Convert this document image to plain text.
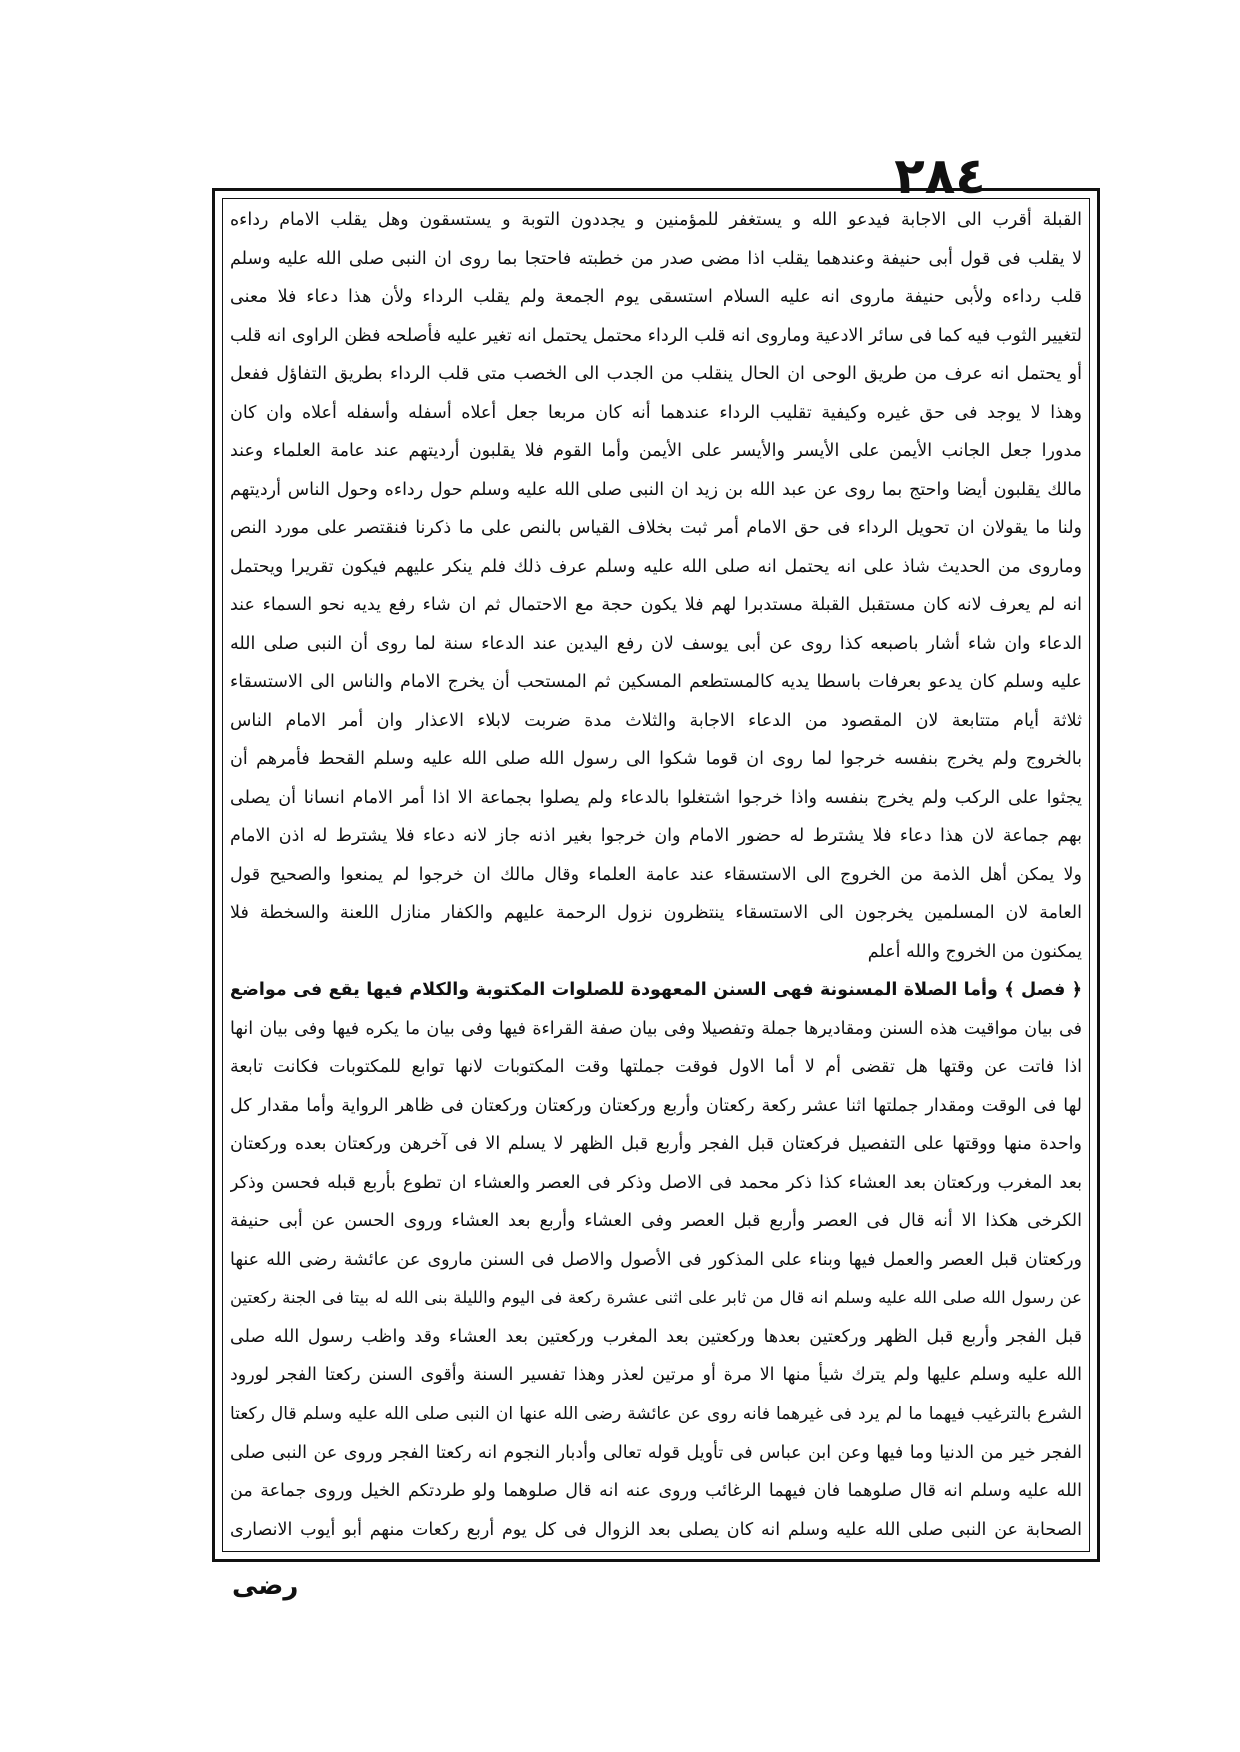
٢٨٤
القبلة أقرب الى الاجابة فيدعو الله و يستغفر للمؤمنين و يجددون التوبة و يستسقون وهل يقلب الامام رداءه
لا يقلب فى قول أبى حنيفة وعندهما يقلب اذا مضى صدر من خطبته فاحتجا بما روى ان النبى صلى الله عليه وسلم
قلب رداءه ولأبى حنيفة ماروى انه عليه السلام استسقى يوم الجمعة ولم يقلب الرداء ولأن هذا دعاء فلا معنى
لتغيير الثوب فيه كما فى سائر الادعية وماروى انه قلب الرداء محتمل يحتمل انه تغير عليه فأصلحه فظن الراوى انه قلب
أو يحتمل انه عرف من طريق الوحى ان الحال ينقلب من الجدب الى الخصب متى قلب الرداء بطريق التفاؤل ففعل
وهذا لا يوجد فى حق غيره وكيفية تقليب الرداء عندهما أنه كان مربعا جعل أعلاه أسفله وأسفله أعلاه وان كان
مدورا جعل الجانب الأيمن على الأيسر والأيسر على الأيمن وأما القوم فلا يقلبون أرديتهم عند عامة العلماء وعند
مالك يقلبون أيضا واحتج بما روى عن عبد الله بن زيد ان النبى صلى الله عليه وسلم حول رداءه وحول الناس أرديتهم
ولنا ما يقولان ان تحويل الرداء فى حق الامام أمر ثبت بخلاف القياس بالنص على ما ذكرنا فنقتصر على مورد النص
وماروى من الحديث شاذ على انه يحتمل انه صلى الله عليه وسلم عرف ذلك فلم ينكر عليهم فيكون تقريرا ويحتمل
انه لم يعرف لانه كان مستقبل القبلة مستدبرا لهم فلا يكون حجة مع الاحتمال ثم ان شاء رفع يديه نحو السماء عند
الدعاء وان شاء أشار باصبعه كذا روى عن أبى يوسف لان رفع اليدين عند الدعاء سنة لما روى أن النبى صلى الله
عليه وسلم كان يدعو بعرفات باسطا يديه كالمستطعم المسكين ثم المستحب أن يخرج الامام والناس الى الاستسقاء
ثلاثة أيام متتابعة لان المقصود من الدعاء الاجابة والثلاث مدة ضربت لابلاء الاعذار وان أمر الامام الناس
بالخروج ولم يخرج بنفسه خرجوا لما روى ان قوما شكوا الى رسول الله صلى الله عليه وسلم القحط فأمرهم أن
يجثوا على الركب ولم يخرج بنفسه واذا خرجوا اشتغلوا بالدعاء ولم يصلوا بجماعة الا اذا أمر الامام انسانا أن يصلى
بهم جماعة لان هذا دعاء فلا يشترط له حضور الامام وان خرجوا بغير اذنه جاز لانه دعاء فلا يشترط له اذن الامام
ولا يمكن أهل الذمة من الخروج الى الاستسقاء عند عامة العلماء وقال مالك ان خرجوا لم يمنعوا والصحيح قول
العامة لان المسلمين يخرجون الى الاستسقاء ينتظرون نزول الرحمة عليهم والكفار منازل اللعنة والسخطة فلا
يمكنون من الخروج والله أعلم
﴿ فصل ﴾ وأما الصلاة المسنونة فهى السنن المعهودة للصلوات المكتوبة والكلام فيها يقع فى مواضع
فى بيان مواقيت هذه السنن ومقاديرها جملة وتفصيلا وفى بيان صفة القراءة فيها وفى بيان ما يكره فيها وفى بيان انها
اذا فاتت عن وقتها هل تقضى أم لا أما الاول فوقت جملتها وقت المكتوبات لانها توابع للمكتوبات فكانت تابعة
لها فى الوقت ومقدار جملتها اثنا عشر ركعة ركعتان وأربع وركعتان وركعتان وركعتان فى ظاهر الرواية وأما مقدار كل
واحدة منها ووقتها على التفصيل فركعتان قبل الفجر وأربع قبل الظهر لا يسلم الا فى آخرهن وركعتان بعده وركعتان
بعد المغرب وركعتان بعد العشاء كذا ذكر محمد فى الاصل وذكر فى العصر والعشاء ان تطوع بأربع قبله فحسن وذكر
الكرخى هكذا الا أنه قال فى العصر وأربع قبل العصر وفى العشاء وأربع بعد العشاء وروى الحسن عن أبى حنيفة
وركعتان قبل العصر والعمل فيها وبناء على المذكور فى الأصول والاصل فى السنن ماروى عن عائشة رضى الله عنها
عن رسول الله صلى الله عليه وسلم انه قال من ثابر على اثنى عشرة ركعة فى اليوم والليلة بنى الله له بيتا فى الجنة ركعتين
قبل الفجر وأربع قبل الظهر وركعتين بعدها وركعتين بعد المغرب وركعتين بعد العشاء وقد واظب رسول الله صلى
الله عليه وسلم عليها ولم يترك شيأ منها الا مرة أو مرتين لعذر وهذا تفسير السنة وأقوى السنن ركعتا الفجر لورود
الشرع بالترغيب فيهما ما لم يرد فى غيرهما فانه روى عن عائشة رضى الله عنها ان النبى صلى الله عليه وسلم قال ركعتا
الفجر خير من الدنيا وما فيها وعن ابن عباس فى تأويل قوله تعالى وأدبار النجوم انه ركعتا الفجر وروى عن النبى صلى
الله عليه وسلم انه قال صلوهما فان فيهما الرغائب وروى عنه انه قال صلوهما ولو طردتكم الخيل وروى جماعة من
الصحابة عن النبى صلى الله عليه وسلم انه كان يصلى بعد الزوال فى كل يوم أربع ركعات منهم أبو أيوب الانصارى
رضى
